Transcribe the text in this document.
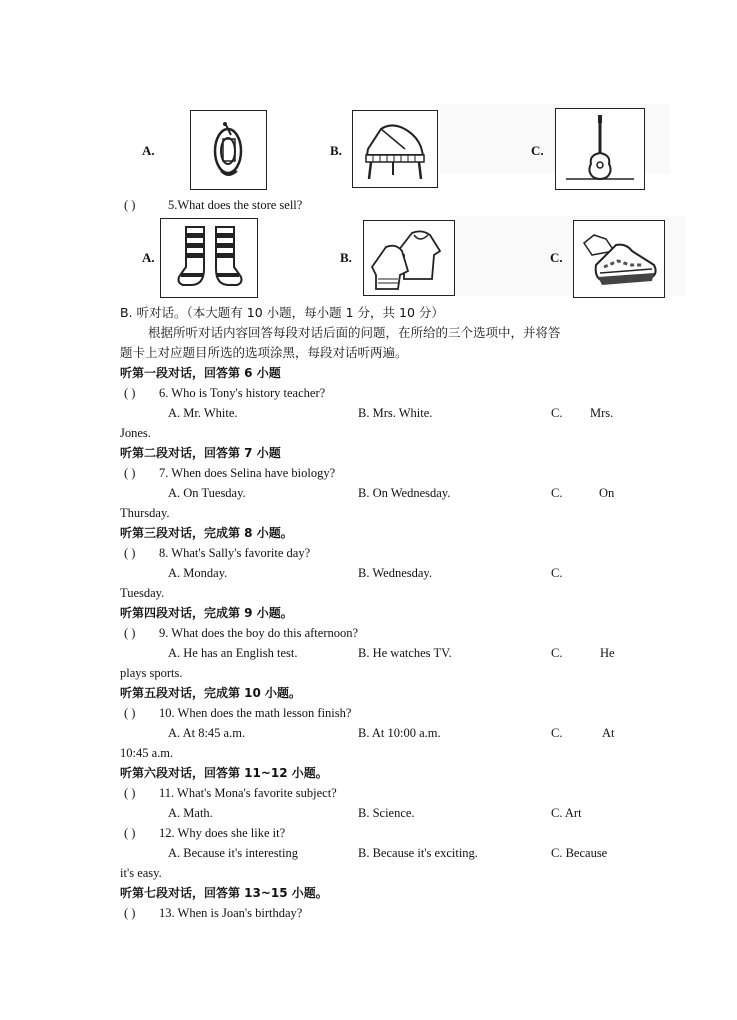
A.	B.	C.
( )	5.What does the store sell?
A.	B.	C.
B. 听对话。（本大题有 10 小题，每小题 1 分，共 10 分）
根据所听对话内容回答每段对话后面的问题，在所给的三个选项中，并将答
题卡上对应题目所选的选项涂黑，每段对话听两遍。
听第一段对话，回答第 6 小题
( ) 6. Who is Tony's history teacher?
A. Mr. White.	B. Mrs. White.	C. Mrs.
Jones.
听第二段对话，回答第 7 小题
( ) 7. When does Selina have biology?
A. On Tuesday.	B. On Wednesday.	C.	On
Thursday.
听第三段对话，完成第 8 小题。
( ) 8. What's Sally's favorite day?
A. Monday.	B. Wednesday.	C.
Tuesday.
听第四段对话，完成第 9 小题。
( ) 9. What does the boy do this afternoon?
A. He has an English test.	B. He watches TV.	C.	He
plays sports.
听第五段对话，完成第 10 小题。
( ) 10. When does the math lesson finish?
A. At 8:45 a.m.	B. At 10:00 a.m.	C.	At
10:45 a.m.
听第六段对话，回答第 11~12 小题。
( ) 11. What's Mona's favorite subject?
A. Math.	B. Science.	C. Art
( ) 12. Why does she like it?
A. Because it's interesting	B. Because it's exciting.	C. Because
it's easy.
听第七段对话，回答第 13~15 小题。
( ) 13. When is Joan's birthday?
